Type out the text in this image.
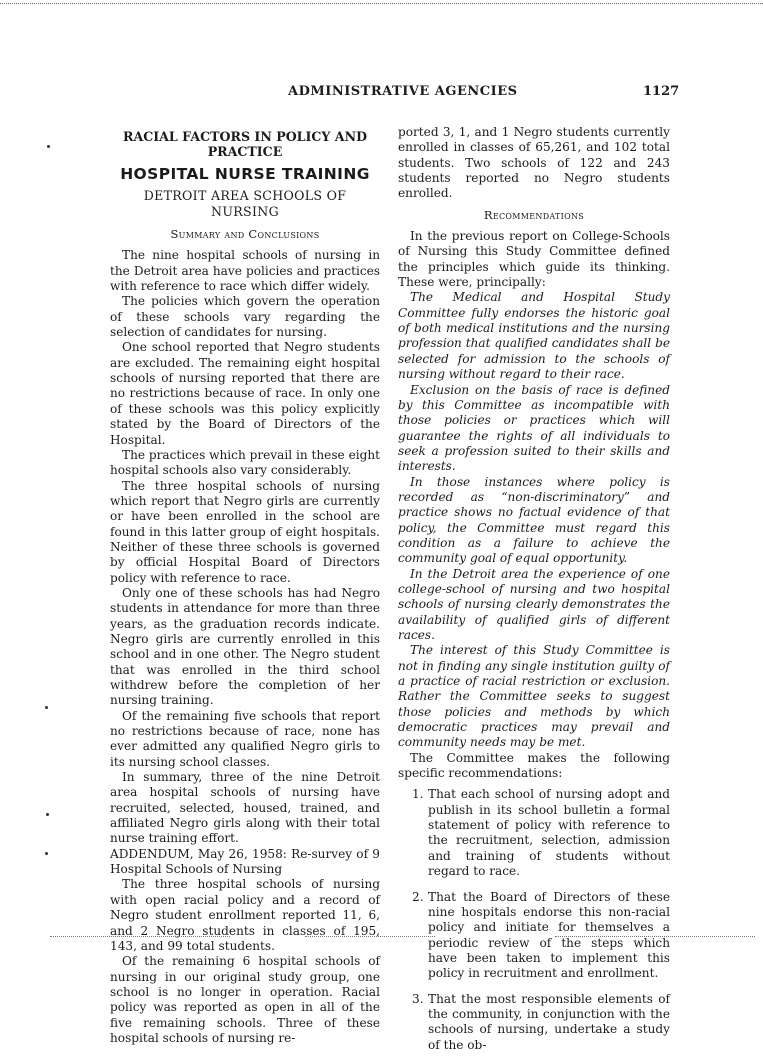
ADMINISTRATIVE AGENCIES	1127
RACIAL FACTORS IN POLICY AND
PRACTICE
HOSPITAL NURSE TRAINING
DETROIT AREA SCHOOLS OF NURSING
Summary and Conclusions

The nine hospital schools of nursing in the Detroit area have policies and practices with reference to race which differ widely.

The policies which govern the operation of these schools vary regarding the selection of candidates for nursing.

One school reported that Negro students are excluded. The remaining eight hospital schools of nursing reported that there are no restrictions because of race. In only one of these schools was this policy explicitly stated by the Board of Directors of the Hospital.

The practices which prevail in these eight hospital schools also vary considerably.

The three hospital schools of nursing which report that Negro girls are currently or have been enrolled in the school are found in this latter group of eight hospitals. Neither of these three schools is governed by official Hospital Board of Directors policy with reference to race.

Only one of these schools has had Negro students in attendance for more than three years, as the graduation records indicate. Negro girls are currently enrolled in this school and in one other. The Negro student that was enrolled in the third school withdrew before the completion of her nursing training.

Of the remaining five schools that report no restrictions because of race, none has ever admitted any qualified Negro girls to its nursing school classes.

In summary, three of the nine Detroit area hospital schools of nursing have recruited, selected, housed, trained, and affiliated Negro girls along with their total nurse training effort.

ADDENDUM, May 26, 1958: Re-survey of 9 Hospital Schools of Nursing

The three hospital schools of nursing with open racial policy and a record of Negro student enrollment reported 11, 6, and 2 Negro students in classes of 195, 143, and 99 total students.

Of the remaining 6 hospital schools of nursing in our original study group, one school is no longer in operation. Racial policy was reported as open in all of the five remaining schools. Three of these hospital schools of nursing re-

ported 3, 1, and 1 Negro students currently enrolled in classes of 65,261, and 102 total students. Two schools of 122 and 243 students reported no Negro students enrolled.

Recommendations

In the previous report on College-Schools of Nursing this Study Committee defined the principles which guide its thinking. These were, principally:

The Medical and Hospital Study Committee fully endorses the historic goal of both medical institutions and the nursing profession that qualified candidates shall be selected for admission to the schools of nursing without regard to their race.

Exclusion on the basis of race is defined by this Committee as incompatible with those policies or practices which will guarantee the rights of all individuals to seek a profession suited to their skills and interests.

In those instances where policy is recorded as “non-discriminatory” and practice shows no factual evidence of that policy, the Committee must regard this condition as a failure to achieve the community goal of equal opportunity.

In the Detroit area the experience of one college-school of nursing and two hospital schools of nursing clearly demonstrates the availability of qualified girls of different races.

The interest of this Study Committee is not in finding any single institution guilty of a practice of racial restriction or exclusion. Rather the Committee seeks to suggest those policies and methods by which democratic practices may prevail and community needs may be met.

The Committee makes the following specific recommendations:

1. That each school of nursing adopt and publish in its school bulletin a formal statement of policy with reference to the recruitment, selection, admission and training of students without regard to race.
2. That the Board of Directors of these nine hospitals endorse this non-racial policy and initiate for themselves a periodic review of the steps which have been taken to implement this policy in recruitment and enrollment.
3. That the most responsible elements of the community, in conjunction with the schools of nursing, undertake a study of the ob-
